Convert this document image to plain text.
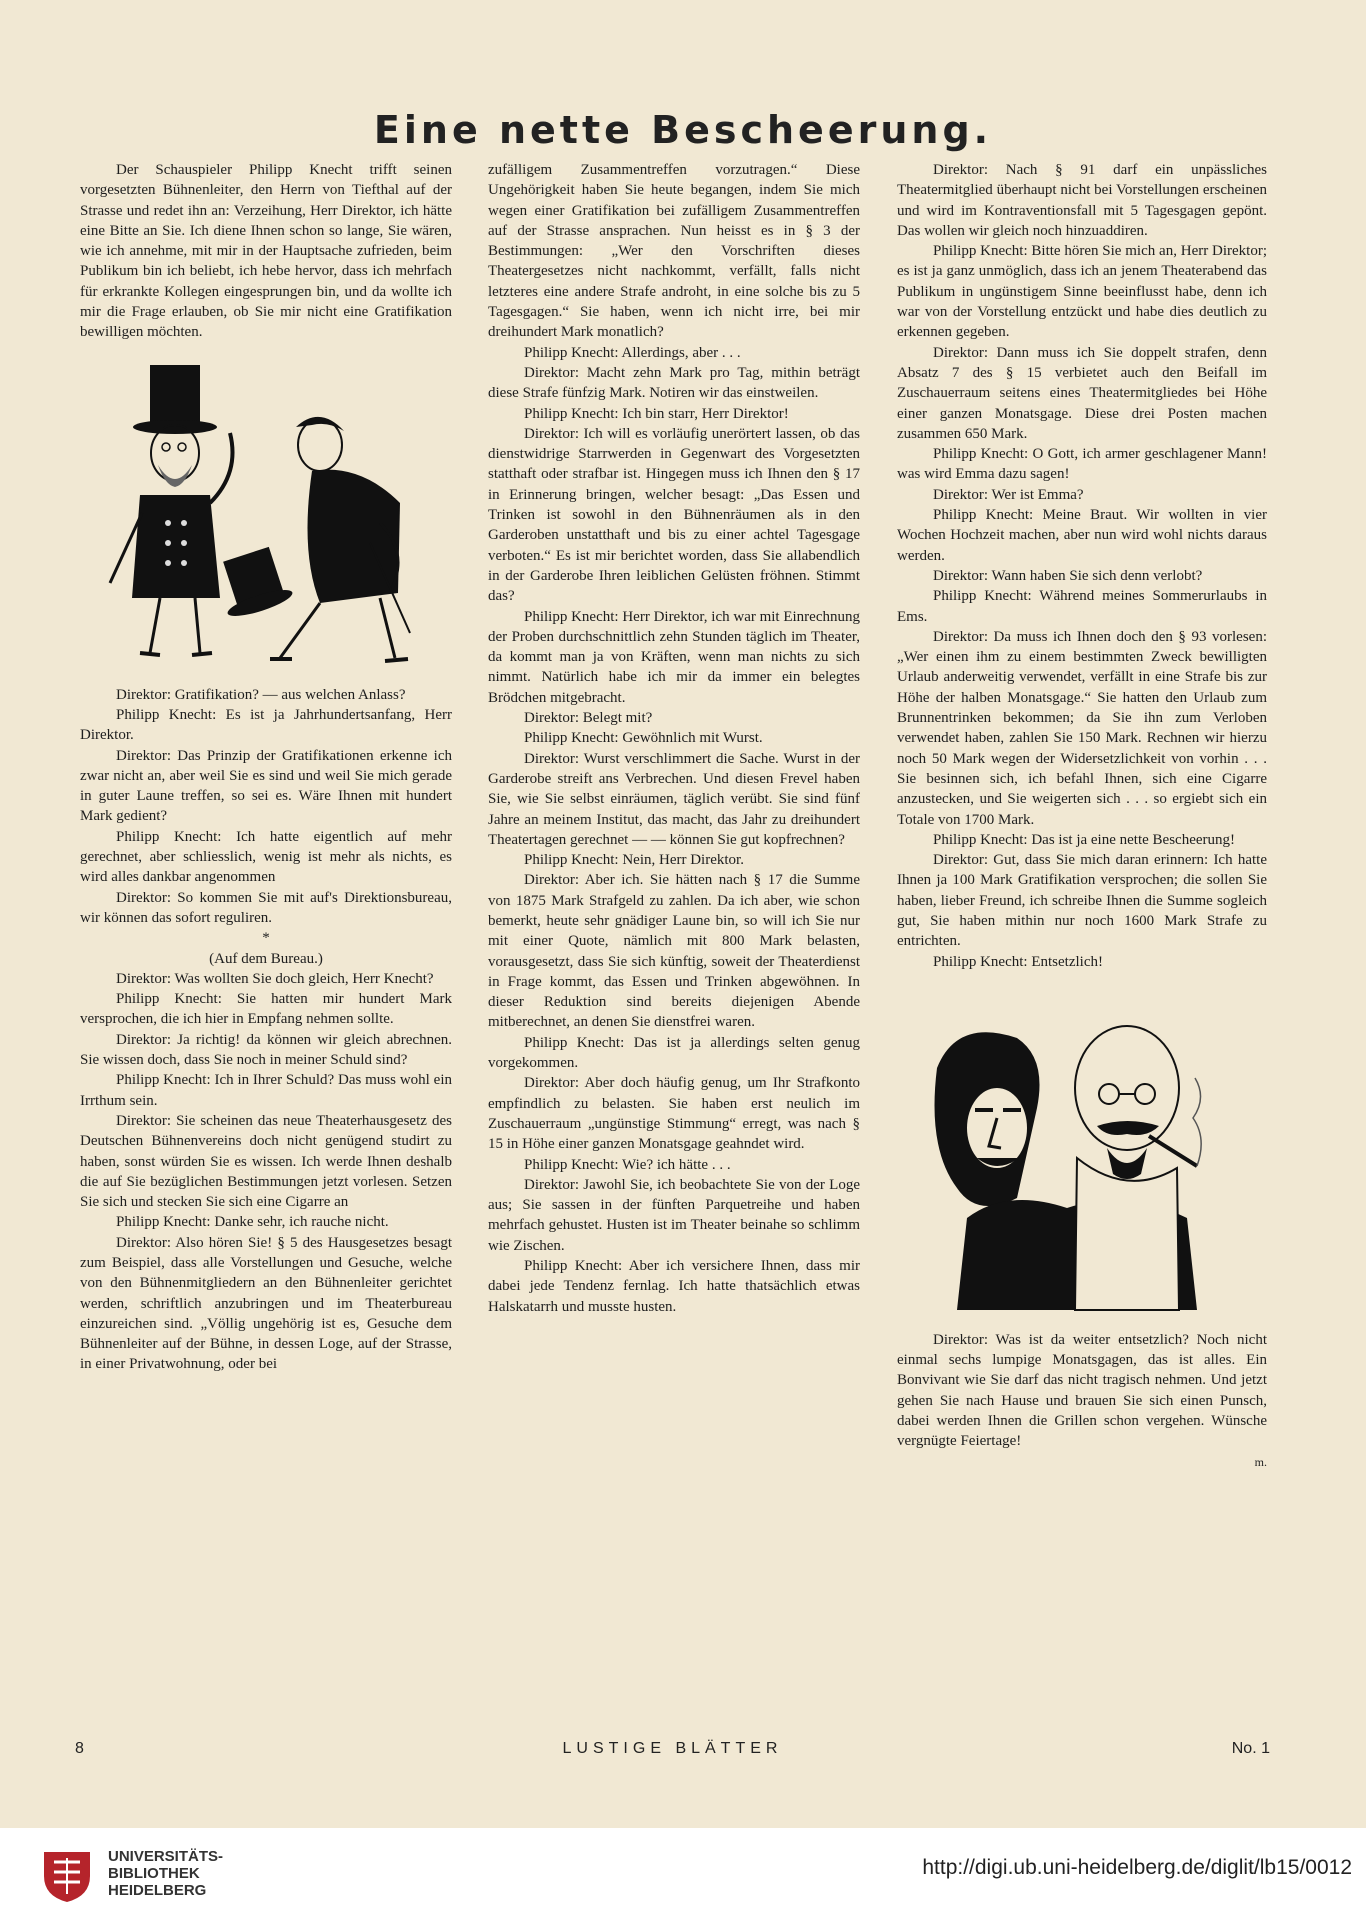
Eine nette Bescheerung.

Der Schauspieler Philipp Knecht trifft seinen vorgesetzten Bühnenleiter, den Herrn von Tiefthal auf der Strasse und redet ihn an: Verzeihung, Herr Direktor, ich hätte eine Bitte an Sie. Ich diene Ihnen schon so lange, Sie wären, wie ich annehme, mit mir in der Hauptsache zufrieden, beim Publikum bin ich beliebt, ich hebe hervor, dass ich mehrfach für erkrankte Kollegen eingesprungen bin, und da wollte ich mir die Frage erlauben, ob Sie mir nicht eine Gratifikation bewilligen möchten.

Direktor: Gratifikation? — aus welchen Anlass?

Philipp Knecht: Es ist ja Jahrhundertsanfang, Herr Direktor.

Direktor: Das Prinzip der Gratifikationen erkenne ich zwar nicht an, aber weil Sie es sind und weil Sie mich gerade in guter Laune treffen, so sei es. Wäre Ihnen mit hundert Mark gedient?

Philipp Knecht: Ich hatte eigentlich auf mehr gerechnet, aber schliesslich, wenig ist mehr als nichts, es wird alles dankbar angenommen

Direktor: So kommen Sie mit auf's Direktionsbureau, wir können das sofort reguliren.

*

(Auf dem Bureau.)

Direktor: Was wollten Sie doch gleich, Herr Knecht?

Philipp Knecht: Sie hatten mir hundert Mark versprochen, die ich hier in Empfang nehmen sollte.

Direktor: Ja richtig! da können wir gleich abrechnen. Sie wissen doch, dass Sie noch in meiner Schuld sind?

Philipp Knecht: Ich in Ihrer Schuld? Das muss wohl ein Irrthum sein.

Direktor: Sie scheinen das neue Theaterhausgesetz des Deutschen Bühnenvereins doch nicht genügend studirt zu haben, sonst würden Sie es wissen. Ich werde Ihnen deshalb die auf Sie bezüglichen Bestimmungen jetzt vorlesen. Setzen Sie sich und stecken Sie sich eine Cigarre an

Philipp Knecht: Danke sehr, ich rauche nicht.

Direktor: Also hören Sie! § 5 des Hausgesetzes besagt zum Beispiel, dass alle Vorstellungen und Gesuche, welche von den Bühnenmitgliedern an den Bühnenleiter gerichtet werden, schriftlich anzubringen und im Theaterbureau einzureichen sind. „Völlig ungehörig ist es, Gesuche dem Bühnenleiter auf der Bühne, in dessen Loge, auf der Strasse, in einer Privatwohnung, oder bei

zufälligem Zusammentreffen vorzutragen.“ Diese Ungehörigkeit haben Sie heute begangen, indem Sie mich wegen einer Gratifikation bei zufälligem Zusammentreffen auf der Strasse ansprachen. Nun heisst es in § 3 der Bestimmungen: „Wer den Vorschriften dieses Theatergesetzes nicht nachkommt, verfällt, falls nicht letzteres eine andere Strafe androht, in eine solche bis zu 5 Tagesgagen.“ Sie haben, wenn ich nicht irre, bei mir dreihundert Mark monatlich?

Philipp Knecht: Allerdings, aber . . .

Direktor: Macht zehn Mark pro Tag, mithin beträgt diese Strafe fünfzig Mark. Notiren wir das einstweilen.

Philipp Knecht: Ich bin starr, Herr Direktor!

Direktor: Ich will es vorläufig unerörtert lassen, ob das dienstwidrige Starrwerden in Gegenwart des Vorgesetzten statthaft oder strafbar ist. Hingegen muss ich Ihnen den § 17 in Erinnerung bringen, welcher besagt: „Das Essen und Trinken ist sowohl in den Bühnenräumen als in den Garderoben unstatthaft und bis zu einer achtel Tagesgage verboten.“ Es ist mir berichtet worden, dass Sie allabendlich in der Garderobe Ihren leiblichen Gelüsten fröhnen. Stimmt das?

Philipp Knecht: Herr Direktor, ich war mit Einrechnung der Proben durchschnittlich zehn Stunden täglich im Theater, da kommt man ja von Kräften, wenn man nichts zu sich nimmt. Natürlich habe ich mir da immer ein belegtes Brödchen mitgebracht.

Direktor: Belegt mit?

Philipp Knecht: Gewöhnlich mit Wurst.

Direktor: Wurst verschlimmert die Sache. Wurst in der Garderobe streift ans Verbrechen. Und diesen Frevel haben Sie, wie Sie selbst einräumen, täglich verübt. Sie sind fünf Jahre an meinem Institut, das macht, das Jahr zu dreihundert Theatertagen gerechnet — — können Sie gut kopfrechnen?

Philipp Knecht: Nein, Herr Direktor.

Direktor: Aber ich. Sie hätten nach § 17 die Summe von 1875 Mark Strafgeld zu zahlen. Da ich aber, wie schon bemerkt, heute sehr gnädiger Laune bin, so will ich Sie nur mit einer Quote, nämlich mit 800 Mark belasten, vorausgesetzt, dass Sie sich künftig, soweit der Theaterdienst in Frage kommt, das Essen und Trinken abgewöhnen. In dieser Reduktion sind bereits diejenigen Abende mitberechnet, an denen Sie dienstfrei waren.

Philipp Knecht: Das ist ja allerdings selten genug vorgekommen.

Direktor: Aber doch häufig genug, um Ihr Strafkonto empfindlich zu belasten. Sie haben erst neulich im Zuschauerraum „ungünstige Stimmung“ erregt, was nach § 15 in Höhe einer ganzen Monatsgage geahndet wird.

Philipp Knecht: Wie? ich hätte . . .

Direktor: Jawohl Sie, ich beobachtete Sie von der Loge aus; Sie sassen in der fünften Parquetreihe und haben mehrfach gehustet. Husten ist im Theater beinahe so schlimm wie Zischen.

Philipp Knecht: Aber ich versichere Ihnen, dass mir dabei jede Tendenz fernlag. Ich hatte thatsächlich etwas Halskatarrh und musste husten.

Direktor: Nach § 91 darf ein unpässliches Theatermitglied überhaupt nicht bei Vorstellungen erscheinen und wird im Kontraventionsfall mit 5 Tagesgagen gepönt. Das wollen wir gleich noch hinzuaddiren.

Philipp Knecht: Bitte hören Sie mich an, Herr Direktor; es ist ja ganz unmöglich, dass ich an jenem Theaterabend das Publikum in ungünstigem Sinne beeinflusst habe, denn ich war von der Vorstellung entzückt und habe dies deutlich zu erkennen gegeben.

Direktor: Dann muss ich Sie doppelt strafen, denn Absatz 7 des § 15 verbietet auch den Beifall im Zuschauerraum seitens eines Theatermitgliedes bei Höhe einer ganzen Monatsgage. Diese drei Posten machen zusammen 650 Mark.

Philipp Knecht: O Gott, ich armer geschlagener Mann! was wird Emma dazu sagen!

Direktor: Wer ist Emma?

Philipp Knecht: Meine Braut. Wir wollten in vier Wochen Hochzeit machen, aber nun wird wohl nichts daraus werden.

Direktor: Wann haben Sie sich denn verlobt?

Philipp Knecht: Während meines Sommerurlaubs in Ems.

Direktor: Da muss ich Ihnen doch den § 93 vorlesen: „Wer einen ihm zu einem bestimmten Zweck bewilligten Urlaub anderweitig verwendet, verfällt in eine Strafe bis zur Höhe der halben Monatsgage.“ Sie hatten den Urlaub zum Brunnentrinken bekommen; da Sie ihn zum Verloben verwendet haben, zahlen Sie 150 Mark. Rechnen wir hierzu noch 50 Mark wegen der Widersetzlichkeit von vorhin . . . Sie besinnen sich, ich befahl Ihnen, sich eine Cigarre anzustecken, und Sie weigerten sich . . . so ergiebt sich ein Totale von 1700 Mark.

Philipp Knecht: Das ist ja eine nette Bescheerung!

Direktor: Gut, dass Sie mich daran erinnern: Ich hatte Ihnen ja 100 Mark Gratifikation versprochen; die sollen Sie haben, lieber Freund, ich schreibe Ihnen die Summe sogleich gut, Sie haben mithin nur noch 1600 Mark Strafe zu entrichten.

Philipp Knecht: Entsetzlich!

Direktor: Was ist da weiter entsetzlich? Noch nicht einmal sechs lumpige Monatsgagen, das ist alles. Ein Bonvivant wie Sie darf das nicht tragisch nehmen. Und jetzt gehen Sie nach Hause und brauen Sie sich einen Punsch, dabei werden Ihnen die Grillen schon vergehen. Wünsche vergnügte Feiertage!

m.

8	LUSTIGE BLÄTTER	No. 1
UNIVERSITÄTS-
BIBLIOTHEK
HEIDELBERG
http://digi.ub.uni-heidelberg.de/diglit/lb15/0012
